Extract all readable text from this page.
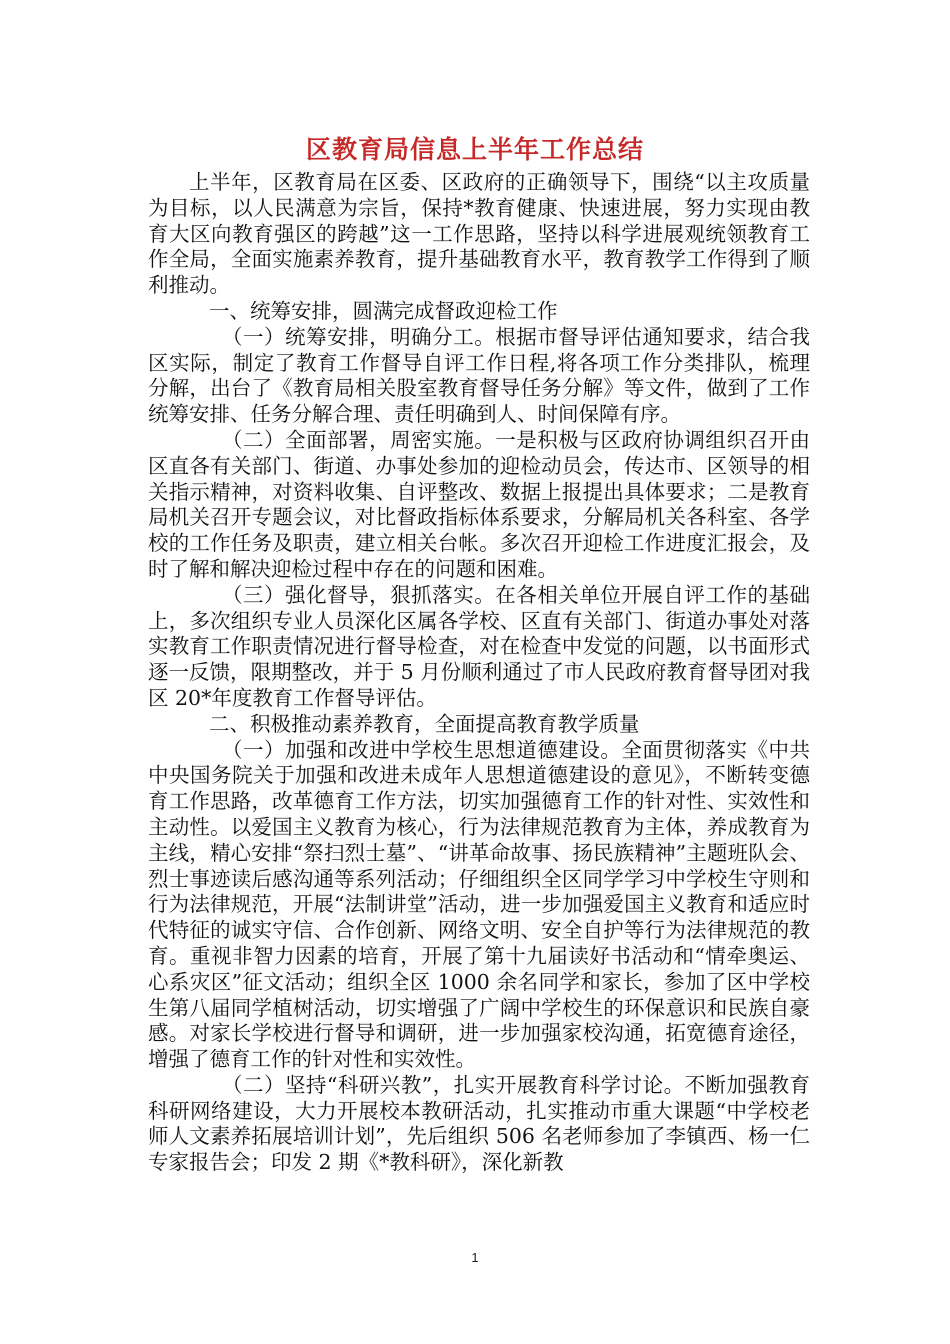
区教育局信息上半年工作总结

上半年，区教育局在区委、区政府的正确领导下，围绕“以主攻质量为目标，以人民满意为宗旨，保持*教育健康、快速进展，努力实现由教育大区向教育强区的跨越”这一工作思路，坚持以科学进展观统领教育工作全局，全面实施素养教育，提升基础教育水平，教育教学工作得到了顺利推动。

一、统筹安排，圆满完成督政迎检工作

（一）统筹安排，明确分工。根据市督导评估通知要求，结合我区实际，制定了教育工作督导自评工作日程,将各项工作分类排队，梳理分解，出台了《教育局相关股室教育督导任务分解》等文件，做到了工作统筹安排、任务分解合理、责任明确到人、时间保障有序。

（二）全面部署，周密实施。一是积极与区政府协调组织召开由区直各有关部门、街道、办事处参加的迎检动员会，传达市、区领导的相关指示精神，对资料收集、自评整改、数据上报提出具体要求；二是教育局机关召开专题会议，对比督政指标体系要求，分解局机关各科室、各学校的工作任务及职责，建立相关台帐。多次召开迎检工作进度汇报会，及时了解和解决迎检过程中存在的问题和困难。

（三）强化督导，狠抓落实。在各相关单位开展自评工作的基础上，多次组织专业人员深化区属各学校、区直有关部门、街道办事处对落实教育工作职责情况进行督导检查，对在检查中发觉的问题，以书面形式逐一反馈，限期整改，并于 5 月份顺利通过了市人民政府教育督导团对我区 20*年度教育工作督导评估。

二、积极推动素养教育，全面提高教育教学质量

（一）加强和改进中学校生思想道德建设。全面贯彻落实《中共中央国务院关于加强和改进未成年人思想道德建设的意见》，不断转变德育工作思路，改革德育工作方法，切实加强德育工作的针对性、实效性和主动性。以爱国主义教育为核心，行为法律规范教育为主体，养成教育为主线，精心安排“祭扫烈士墓”、“讲革命故事、扬民族精神”主题班队会、烈士事迹读后感沟通等系列活动；仔细组织全区同学学习中学校生守则和行为法律规范，开展“法制讲堂”活动，进一步加强爱国主义教育和适应时代特征的诚实守信、合作创新、网络文明、安全自护等行为法律规范的教育。重视非智力因素的培育，开展了第十九届读好书活动和“情牵奥运、心系灾区”征文活动；组织全区 1000 余名同学和家长，参加了区中学校生第八届同学植树活动，切实增强了广阔中学校生的环保意识和民族自豪感。对家长学校进行督导和调研，进一步加强家校沟通，拓宽德育途径，增强了德育工作的针对性和实效性。

（二）坚持“科研兴教”，扎实开展教育科学讨论。不断加强教育科研网络建设，大力开展校本教研活动，扎实推动市重大课题“中学校老师人文素养拓展培训计划”，先后组织 506 名老师参加了李镇西、杨一仁专家报告会；印发 2 期《*教科研》，深化新教

1
